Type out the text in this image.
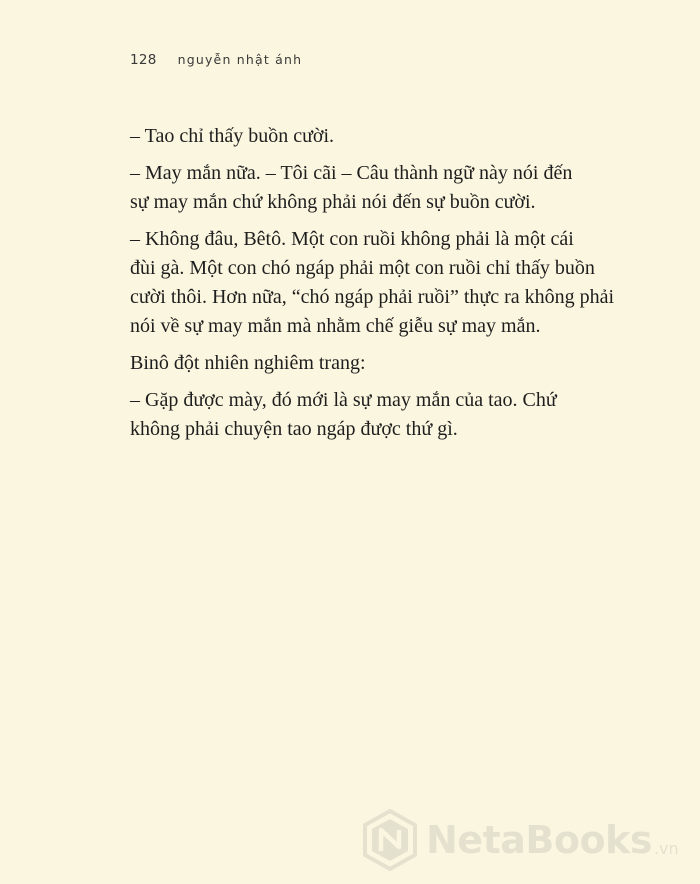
128 nguyễn nhật ánh

– Tao chỉ thấy buồn cười.

– May mắn nữa. – Tôi cãi – Câu thành ngữ này nói đến
sự may mắn chứ không phải nói đến sự buồn cười.

– Không đâu, Bêtô. Một con ruồi không phải là một cái
đùi gà. Một con chó ngáp phải một con ruồi chỉ thấy buồn
cười thôi. Hơn nữa, “chó ngáp phải ruồi” thực ra không phải
nói về sự may mắn mà nhằm chế giễu sự may mắn.

Binô đột nhiên nghiêm trang:

– Gặp được mày, đó mới là sự may mắn của tao. Chứ
không phải chuyện tao ngáp được thứ gì.

NetaBooks .vn
